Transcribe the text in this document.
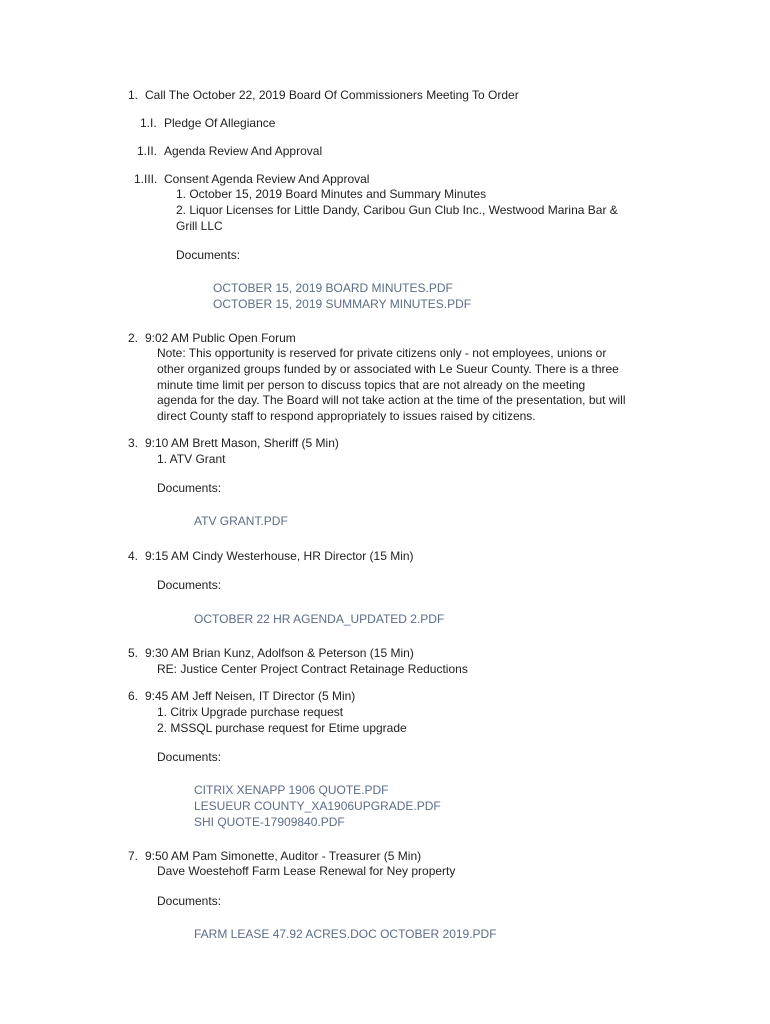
1. Call The October 22, 2019 Board Of Commissioners Meeting To Order
1.I. Pledge Of Allegiance
1.II. Agenda Review And Approval
1.III. Consent Agenda Review And Approval
1. October 15, 2019 Board Minutes and Summary Minutes
2. Liquor Licenses for Little Dandy, Caribou Gun Club Inc., Westwood Marina Bar &
Grill LLC
Documents:
OCTOBER 15, 2019 BOARD MINUTES.PDF
OCTOBER 15, 2019 SUMMARY MINUTES.PDF
2. 9:02 AM Public Open Forum
Note: This opportunity is reserved for private citizens only - not employees, unions or
other organized groups funded by or associated with Le Sueur County. There is a three
minute time limit per person to discuss topics that are not already on the meeting
agenda for the day. The Board will not take action at the time of the presentation, but will
direct County staff to respond appropriately to issues raised by citizens.
3. 9:10 AM Brett Mason, Sheriff (5 Min)
1. ATV Grant
Documents:
ATV GRANT.PDF
4. 9:15 AM Cindy Westerhouse, HR Director (15 Min)
Documents:
OCTOBER 22 HR AGENDA_UPDATED 2.PDF
5. 9:30 AM Brian Kunz, Adolfson & Peterson (15 Min)
RE: Justice Center Project Contract Retainage Reductions
6. 9:45 AM Jeff Neisen, IT Director (5 Min)
1. Citrix Upgrade purchase request
2. MSSQL purchase request for Etime upgrade
Documents:
CITRIX XENAPP 1906 QUOTE.PDF
LESUEUR COUNTY_XA1906UPGRADE.PDF
SHI QUOTE-17909840.PDF
7. 9:50 AM Pam Simonette, Auditor - Treasurer (5 Min)
Dave Woestehoff Farm Lease Renewal for Ney property
Documents:
FARM LEASE 47.92 ACRES.DOC OCTOBER 2019.PDF
